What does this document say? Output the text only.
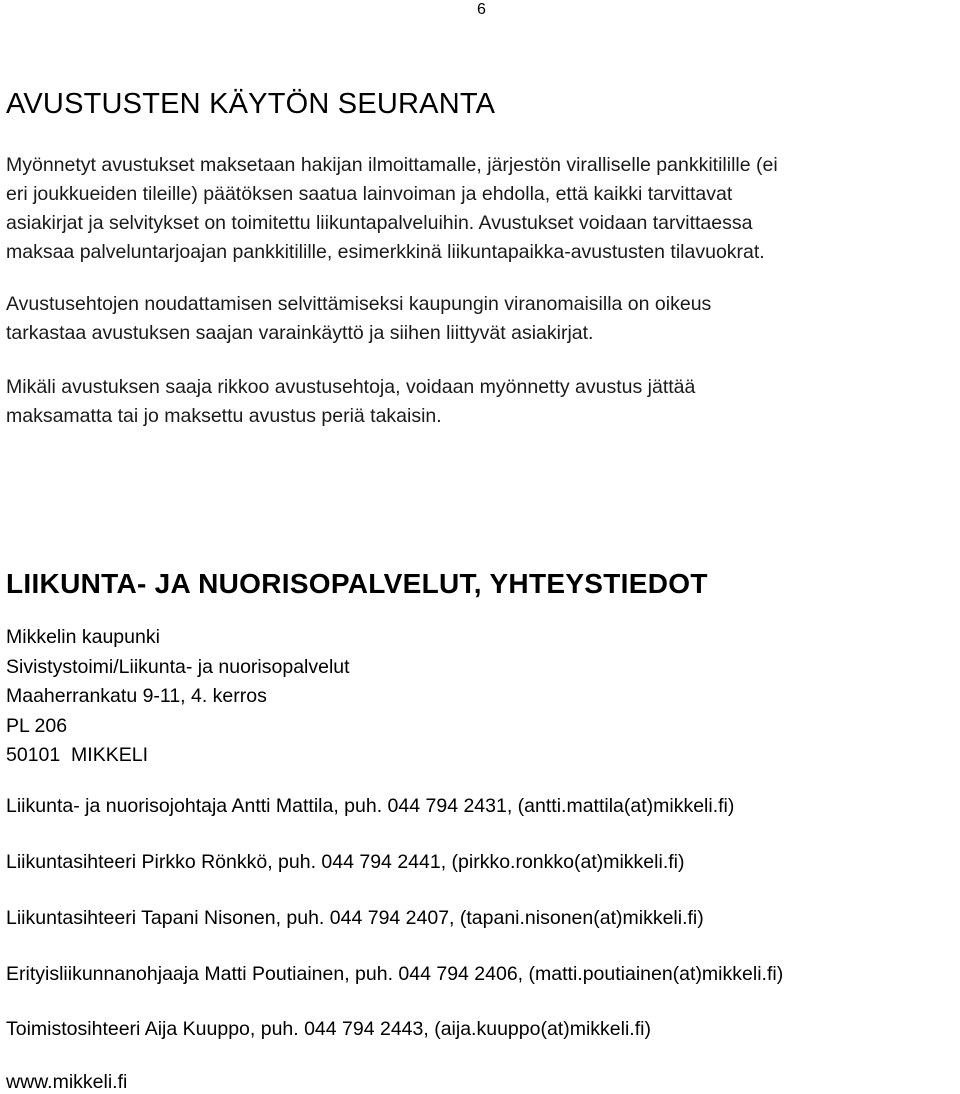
6
AVUSTUSTEN KÄYTÖN SEURANTA

Myönnetyt avustukset maksetaan hakijan ilmoittamalle, järjestön viralliselle pankkitilille (ei
eri joukkueiden tileille) päätöksen saatua lainvoiman ja ehdolla, että kaikki tarvittavat
asiakirjat ja selvitykset on toimitettu liikuntapalveluihin. Avustukset voidaan tarvittaessa
maksaa palveluntarjoajan pankkitilille, esimerkkinä liikuntapaikka-avustusten tilavuokrat.

Avustusehtojen noudattamisen selvittämiseksi kaupungin viranomaisilla on oikeus
tarkastaa avustuksen saajan varainkäyttö ja siihen liittyvät asiakirjat.

Mikäli avustuksen saaja rikkoo avustusehtoja, voidaan myönnetty avustus jättää
maksamatta tai jo maksettu avustus periä takaisin.

LIIKUNTA- JA NUORISOPALVELUT, YHTEYSTIEDOT
Mikkelin kaupunki
Sivistystoimi/Liikunta- ja nuorisopalvelut
Maaherrankatu 9-11, 4. kerros
PL 206
50101  MIKKELI
Liikunta- ja nuorisojohtaja Antti Mattila, puh. 044 794 2431, (antti.mattila(at)mikkeli.fi)
Liikuntasihteeri Pirkko Rönkkö, puh. 044 794 2441, (pirkko.ronkko(at)mikkeli.fi)
Liikuntasihteeri Tapani Nisonen, puh. 044 794 2407, (tapani.nisonen(at)mikkeli.fi)
Erityisliikunnanohjaaja Matti Poutiainen, puh. 044 794 2406, (matti.poutiainen(at)mikkeli.fi)
Toimistosihteeri Aija Kuuppo, puh. 044 794 2443, (aija.kuuppo(at)mikkeli.fi)
www.mikkeli.fi
